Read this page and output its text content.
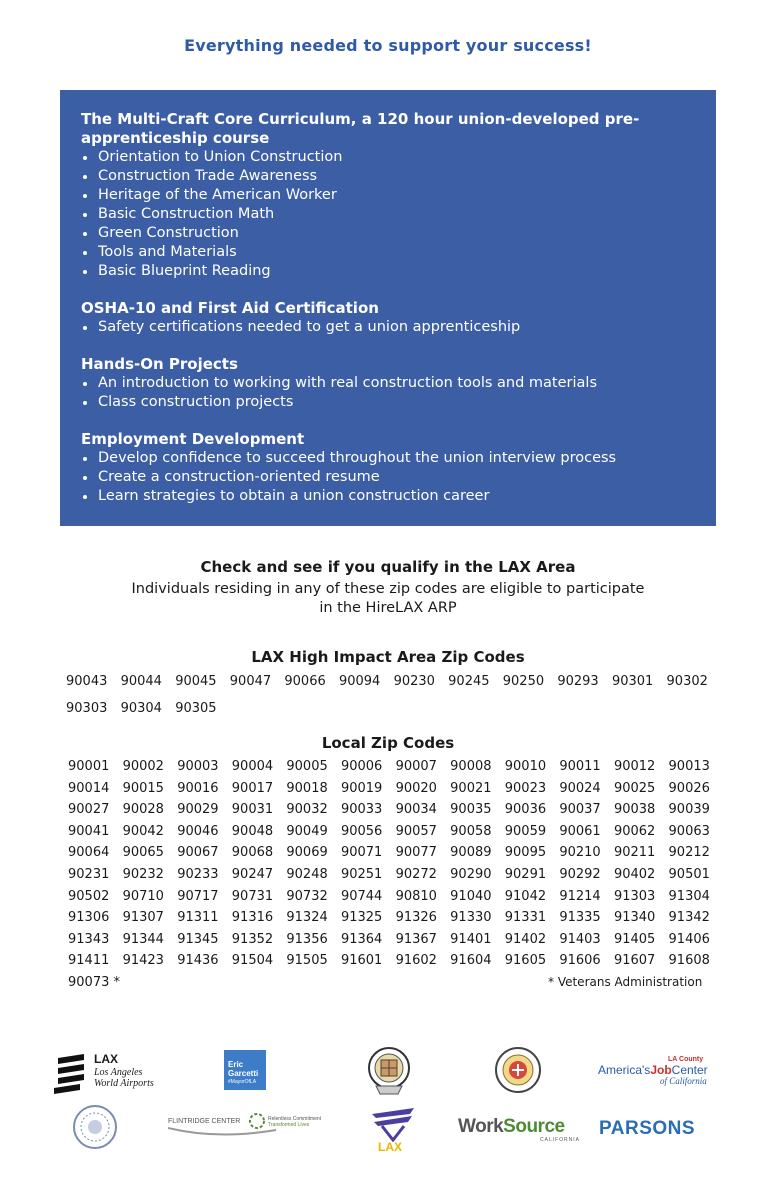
Everything needed to support your success!
The Multi-Craft Core Curriculum, a 120 hour union-developed pre-apprenticeship course
Orientation to Union Construction
Construction Trade Awareness
Heritage of the American Worker
Basic Construction Math
Green Construction
Tools and Materials
Basic Blueprint Reading
OSHA-10 and First Aid Certification
Safety certifications needed to get a union apprenticeship
Hands-On Projects
An introduction to working with real construction tools and materials
Class construction projects
Employment Development
Develop confidence to succeed throughout the union interview process
Create a construction-oriented resume
Learn strategies to obtain a union construction career
Check and see if you qualify in the LAX Area
Individuals residing in any of these zip codes are eligible to participate in the HireLAX ARP
LAX High Impact Area Zip Codes
90043	90044	90045	90047	90066	90094	90230	90245	90250	90293	90301	90302
90303	90304	90305
Local Zip Codes
90001	90002	90003	90004	90005	90006	90007	90008	90010	90011	90012	90013
90014	90015	90016	90017	90018	90019	90020	90021	90023	90024	90025	90026
90027	90028	90029	90031	90032	90033	90034	90035	90036	90037	90038	90039
90041	90042	90046	90048	90049	90056	90057	90058	90059	90061	90062	90063
90064	90065	90067	90068	90069	90071	90077	90089	90095	90210	90211	90212
90231	90232	90233	90247	90248	90251	90272	90290	90291	90292	90402	90501
90502	90710	90717	90731	90732	90744	90810	91040	91042	91214	91303	91304
91306	91307	91311	91316	91324	91325	91326	91330	91331	91335	91340	91342
91343	91344	91345	91352	91356	91364	91367	91401	91402	91403	91405	91406
91411	91423	91436	91504	91505	91601	91602	91604	91605	91606	91607	91608
90073 *	* Veterans Administration
LAX
Los Angeles
World Airports
Eric
Garcetti
#MayorOfLA
LA County
America'sJobCenter
of California
FLINTRIDGE CENTER	Relentless Commitment
Transformed Lives
LAX
WorkSource
CALIFORNIA
PARSONS
